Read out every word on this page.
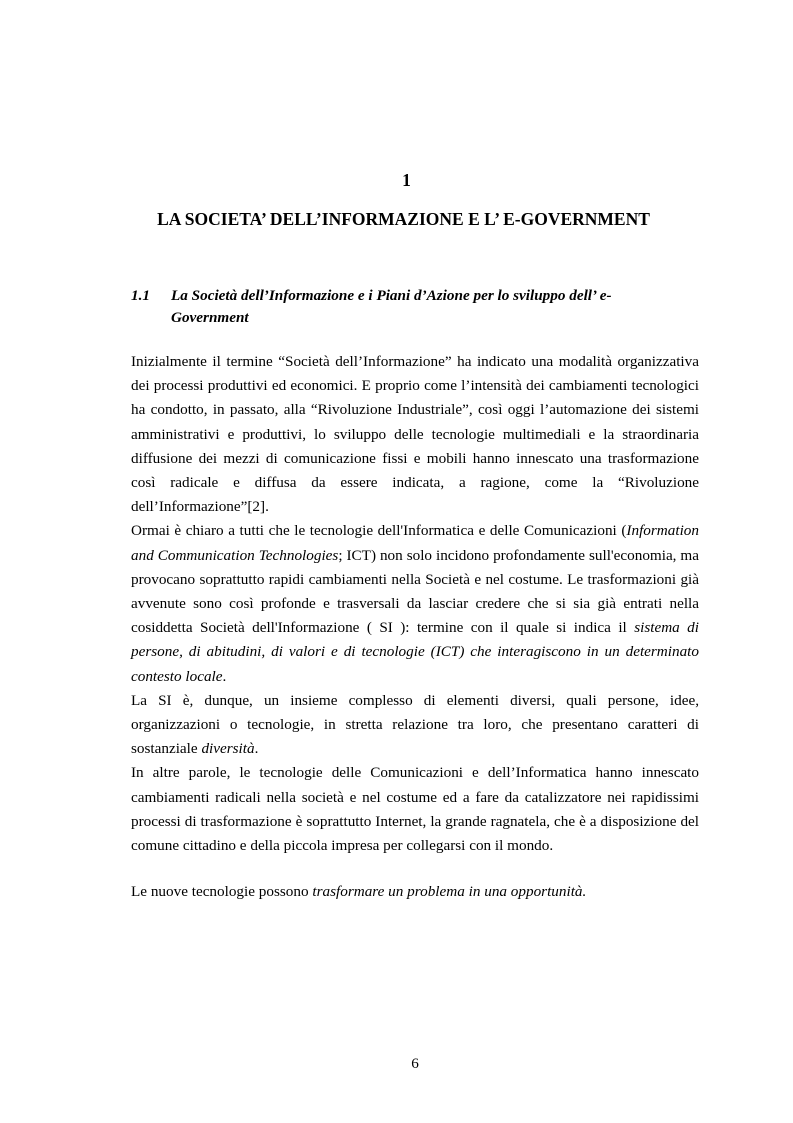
1
LA SOCIETA’ DELL’INFORMAZIONE E L’ E-GOVERNMENT
1.1 La Società dell’Informazione e i Piani d’Azione per lo sviluppo dell’ e-Government

Inizialmente il termine “Società dell’Informazione” ha indicato una modalità organizzativa dei processi produttivi ed economici. E proprio come l’intensità dei cambiamenti tecnologici ha condotto, in passato, alla “Rivoluzione Industriale”, così oggi l’automazione dei sistemi amministrativi e produttivi, lo sviluppo delle tecnologie multimediali e la straordinaria diffusione dei mezzi di comunicazione fissi e mobili hanno innescato una trasformazione così radicale e diffusa da essere indicata, a ragione, come la “Rivoluzione dell’Informazione”[2].

Ormai è chiaro a tutti che le tecnologie dell'Informatica e delle Comunicazioni (Information and Communication Technologies; ICT) non solo incidono profondamente sull'economia, ma provocano soprattutto rapidi cambiamenti nella Società e nel costume. Le trasformazioni già avvenute sono così profonde e trasversali da lasciar credere che si sia già entrati nella cosiddetta Società dell'Informazione ( SI ): termine con il quale si indica il sistema di persone, di abitudini, di valori e di tecnologie (ICT) che interagiscono in un determinato contesto locale.

La SI è, dunque, un insieme complesso di elementi diversi, quali persone, idee, organizzazioni o tecnologie, in stretta relazione tra loro, che presentano caratteri di sostanziale diversità.

In altre parole, le tecnologie delle Comunicazioni e dell’Informatica hanno innescato cambiamenti radicali nella società e nel costume ed a fare da catalizzatore nei rapidissimi processi di trasformazione è soprattutto Internet, la grande ragnatela, che è a disposizione del comune cittadino e della piccola impresa per collegarsi con il mondo.

Le nuove tecnologie possono trasformare un problema in una opportunità.

6
